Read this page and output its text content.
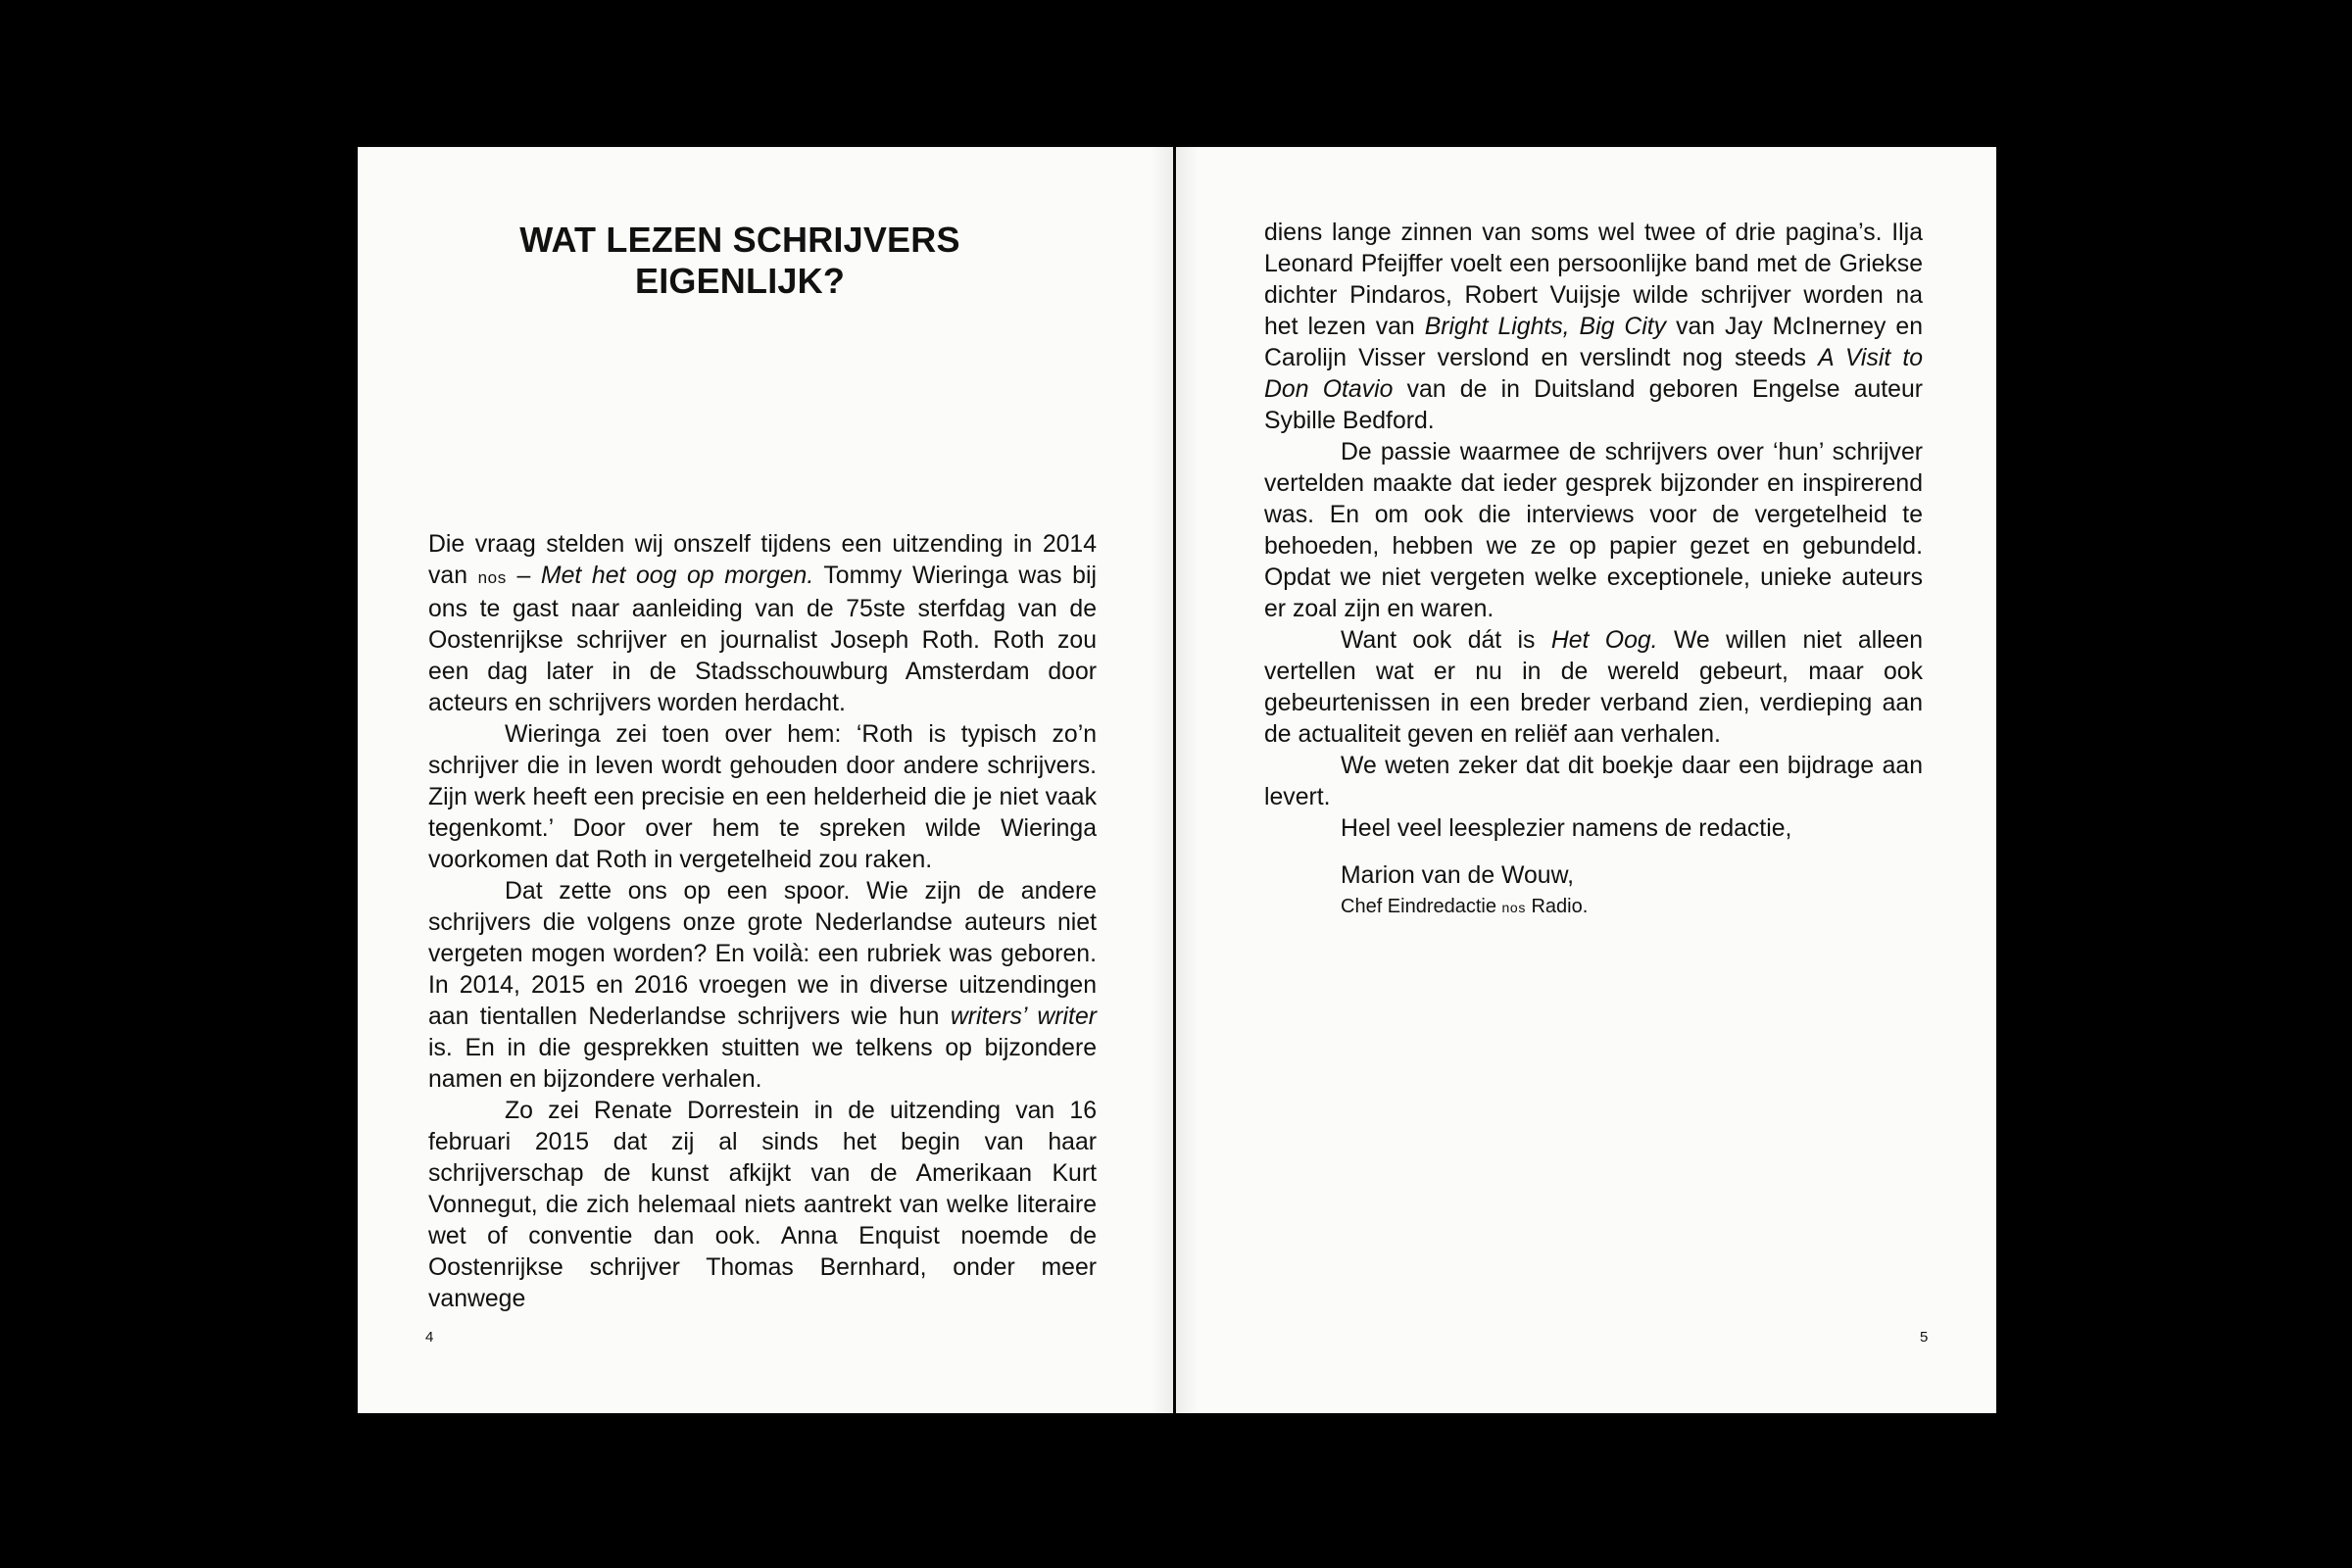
WAT LEZEN SCHRIJVERS
EIGENLIJK?

Die vraag stelden wij onszelf tijdens een uitzending in 2014 van nos – Met het oog op morgen. Tommy Wieringa was bij ons te gast naar aanleiding van de 75ste sterfdag van de Oostenrijkse schrijver en journalist Joseph Roth. Roth zou een dag later in de Stadsschouwburg Amsterdam door acteurs en schrijvers worden herdacht.

Wieringa zei toen over hem: ‘Roth is typisch zo’n schrijver die in leven wordt gehouden door andere schrijvers. Zijn werk heeft een precisie en een helderheid die je niet vaak tegenkomt.’ Door over hem te spreken wilde Wieringa voorkomen dat Roth in vergetelheid zou raken.

Dat zette ons op een spoor. Wie zijn de andere schrijvers die volgens onze grote Nederlandse auteurs niet vergeten mogen worden? En voilà: een rubriek was geboren. In 2014, 2015 en 2016 vroegen we in diverse uitzendingen aan tientallen Nederlandse schrijvers wie hun writers’ writer is. En in die gesprekken stuitten we telkens op bijzondere namen en bijzondere verhalen.

Zo zei Renate Dorrestein in de uitzending van 16 februari 2015 dat zij al sinds het begin van haar schrijverschap de kunst afkijkt van de Amerikaan Kurt Vonnegut, die zich helemaal niets aantrekt van welke literaire wet of conventie dan ook. Anna Enquist noemde de Oostenrijkse schrijver Thomas Bernhard, onder meer vanwege

4

diens lange zinnen van soms wel twee of drie pagina’s. Ilja Leonard Pfeijffer voelt een persoonlijke band met de Griekse dichter Pindaros, Robert Vuijsje wilde schrijver worden na het lezen van Bright Lights, Big City van Jay McInerney en Carolijn Visser verslond en verslindt nog steeds A Visit to Don Otavio van de in Duitsland geboren Engelse auteur Sybille Bedford.

De passie waarmee de schrijvers over ‘hun’ schrijver vertelden maakte dat ieder gesprek bijzonder en inspirerend was. En om ook die interviews voor de vergetelheid te behoeden, hebben we ze op papier gezet en gebundeld. Opdat we niet vergeten welke exceptionele, unieke auteurs er zoal zijn en waren.

Want ook dát is Het Oog. We willen niet alleen vertellen wat er nu in de wereld gebeurt, maar ook gebeurtenissen in een breder verband zien, verdieping aan de actualiteit geven en reliëf aan verhalen.

We weten zeker dat dit boekje daar een bijdrage aan levert.

Heel veel leesplezier namens de redactie,

Marion van de Wouw,
Chef Eindredactie nos Radio.
5
